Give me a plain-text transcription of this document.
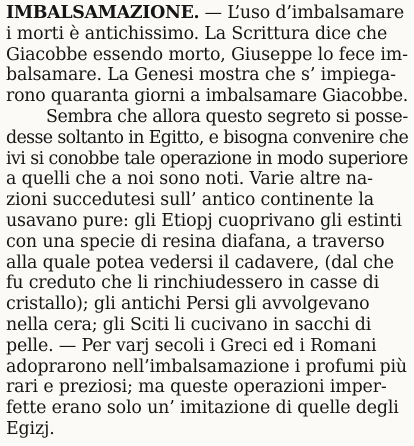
IMBALSAMAZIONE. — L’uso d’imbalsamare
i morti è antichissimo. La Scrittura dice che
Giacobbe essendo morto, Giuseppe lo fece im-
balsamare. La Genesi mostra che s’ impiega-
rono quaranta giorni a imbalsamare Giacobbe.
Sembra che allora questo segreto si posse-
desse soltanto in Egitto, e bisogna convenire che
ivi si conobbe tale operazione in modo superiore
a quelli che a noi sono noti. Varie altre na-
zioni succedutesi sull’ antico continente la
usavano pure: gli Etiopj cuoprivano gli estinti
con una specie di resina diafana, a traverso
alla quale potea vedersi il cadavere, (dal che
fu creduto che li rinchiudessero in casse di
cristallo); gli antichi Persi gli avvolgevano
nella cera; gli Sciti li cucivano in sacchi di
pelle. — Per varj secoli i Greci ed i Romani
adoprarono nell’imbalsamazione i profumi più
rari e preziosi; ma queste operazioni imper-
fette erano solo un’ imitazione di quelle degli
Egizj.
